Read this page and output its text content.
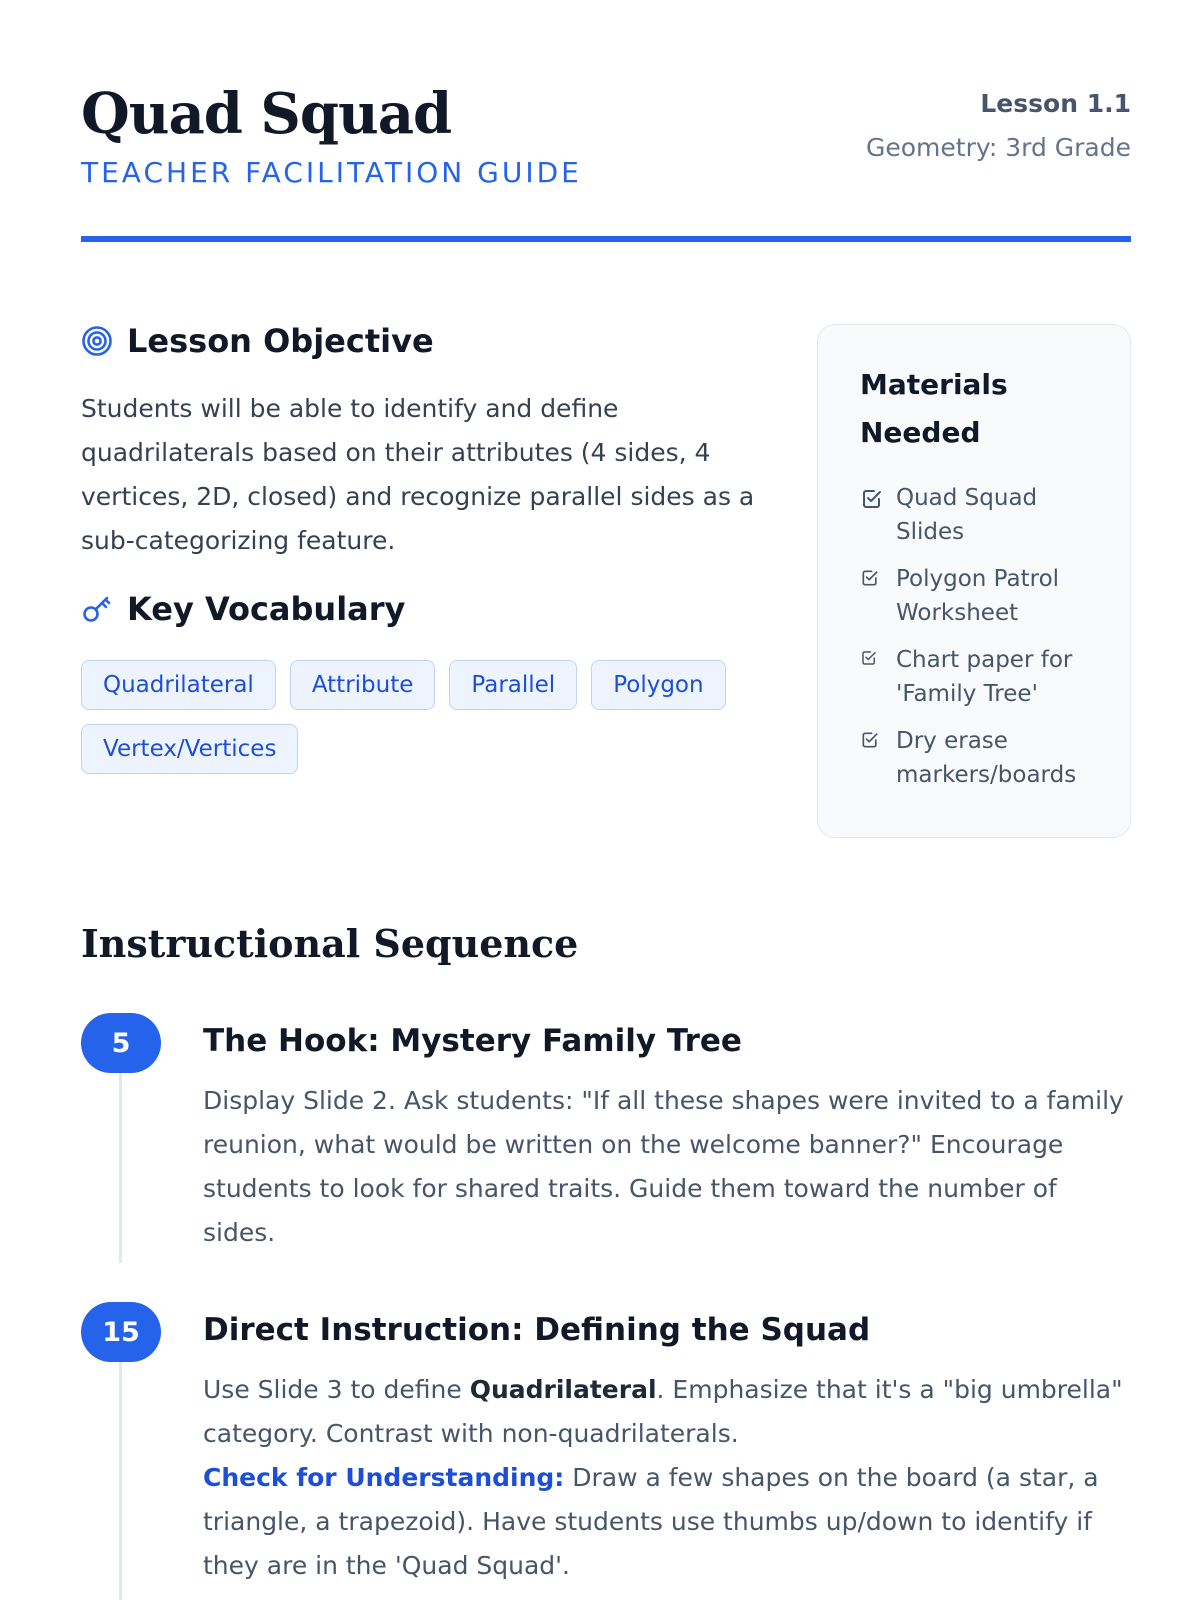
Quad Squad
TEACHER FACILITATION GUIDE
Lesson 1.1
Geometry: 3rd Grade
Lesson Objective
Students will be able to identify and define quadrilaterals based on their attributes (4 sides, 4 vertices, 2D, closed) and recognize parallel sides as a sub-categorizing feature.
Key Vocabulary
Quadrilateral	Attribute	Parallel	Polygon
Vertex/Vertices
Materials Needed
Quad Squad Slides
Polygon Patrol Worksheet
Chart paper for 'Family Tree'
Dry erase markers/boards
Instructional Sequence
5	The Hook: Mystery Family Tree
Display Slide 2. Ask students: "If all these shapes were invited to a family reunion, what would be written on the welcome banner?" Encourage students to look for shared traits. Guide them toward the number of sides.
15	Direct Instruction: Defining the Squad
Use Slide 3 to define Quadrilateral. Emphasize that it's a "big umbrella" category. Contrast with non-quadrilaterals.
Check for Understanding: Draw a few shapes on the board (a star, a triangle, a trapezoid). Have students use thumbs up/down to identify if they are in the 'Quad Squad'.
